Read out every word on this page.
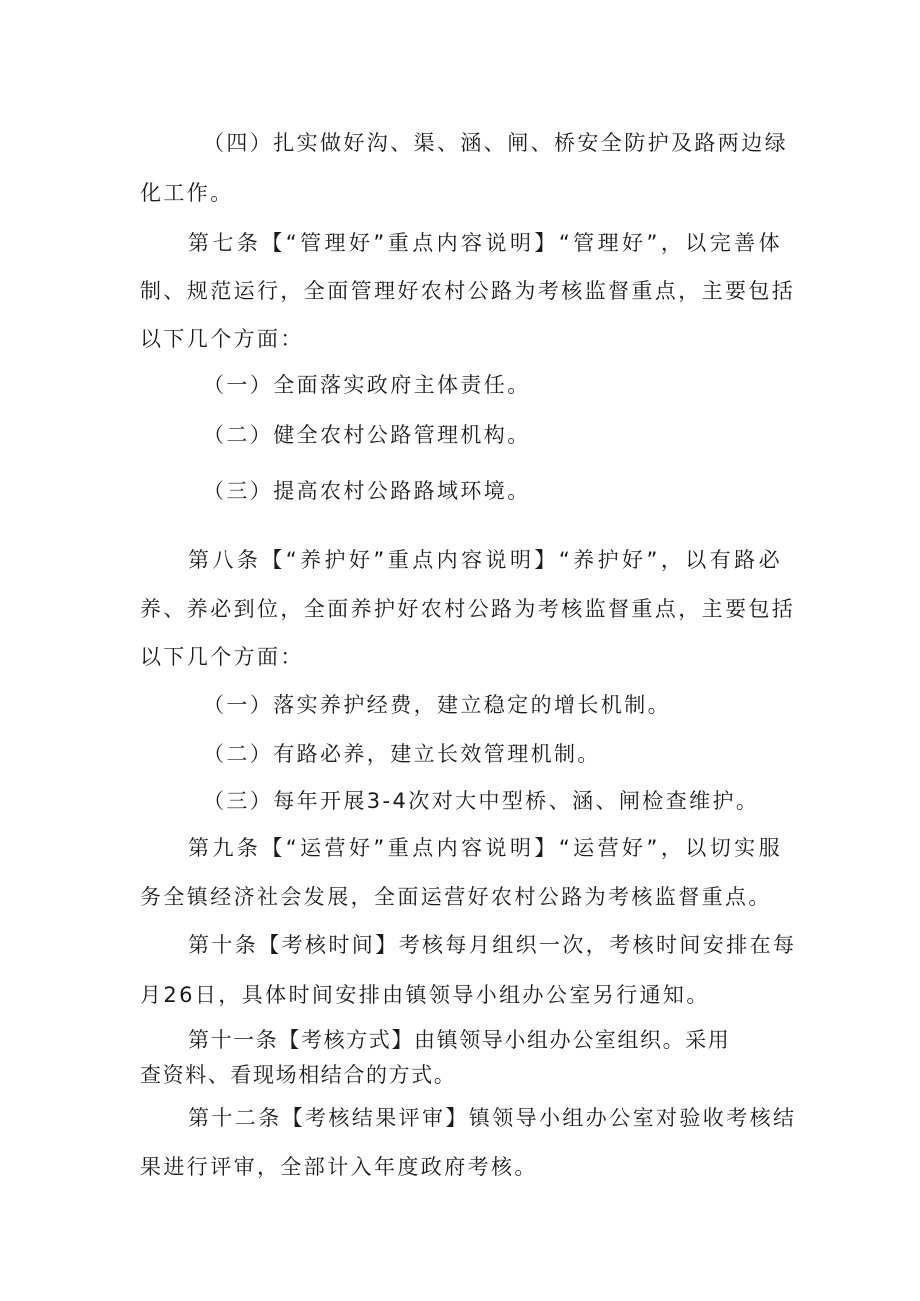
（四）扎实做好沟、渠、涵、闸、桥安全防护及路两边绿
化工作。
第七条【“管理好”重点内容说明】“管理好”，以完善体
制、规范运行，全面管理好农村公路为考核监督重点，主要包括
以下几个方面：
（一）全面落实政府主体责任。
（二）健全农村公路管理机构。
（三）提高农村公路路域环境。
第八条【“养护好”重点内容说明】“养护好”，以有路必
养、养必到位，全面养护好农村公路为考核监督重点，主要包括
以下几个方面：
（一）落实养护经费，建立稳定的增长机制。
（二）有路必养，建立长效管理机制。
（三）每年开展3-4次对大中型桥、涵、闸检查维护。
第九条【“运营好”重点内容说明】“运营好”，以切实服
务全镇经济社会发展，全面运营好农村公路为考核监督重点。
第十条【考核时间】考核每月组织一次，考核时间安排在每
月26日，具体时间安排由镇领导小组办公室另行通知。
第十一条【考核方式】由镇领导小组办公室组织。采用
查资料、看现场相结合的方式。
第十二条【考核结果评审】镇领导小组办公室对验收考核结
果进行评审，全部计入年度政府考核。
